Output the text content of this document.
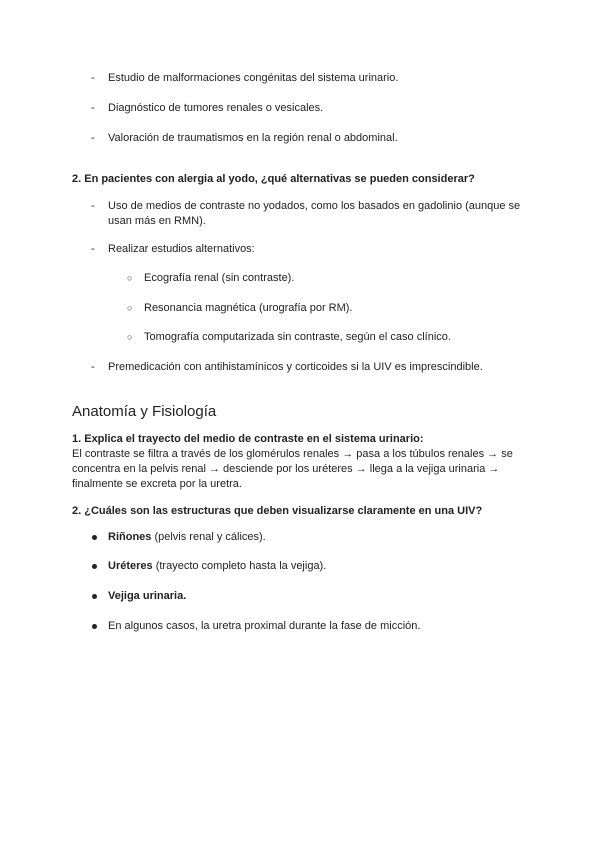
- Estudio de malformaciones congénitas del sistema urinario.
- Diagnóstico de tumores renales o vesicales.
- Valoración de traumatismos en la región renal o abdominal.
2. En pacientes con alergia al yodo, ¿qué alternativas se pueden considerar?
- Uso de medios de contraste no yodados, como los basados en gadolinio (aunque se
usan más en RMN).
- Realizar estudios alternativos:
○ Ecografía renal (sin contraste).
○ Resonancia magnética (urografía por RM).
○ Tomografía computarizada sin contraste, según el caso clínico.
- Premedicación con antihistamínicos y corticoides si la UIV es imprescindible.
Anatomía y Fisiología
1. Explica el trayecto del medio de contraste en el sistema urinario:
El contraste se filtra a través de los glomérulos renales → pasa a los túbulos renales → se
concentra en la pelvis renal → desciende por los uréteres → llega a la vejiga urinaria →
finalmente se excreta por la uretra.
2. ¿Cuáles son las estructuras que deben visualizarse claramente en una UIV?
Riñones (pelvis renal y cálices).
Uréteres (trayecto completo hasta la vejiga).
Vejiga urinaria.
En algunos casos, la uretra proximal durante la fase de micción.
